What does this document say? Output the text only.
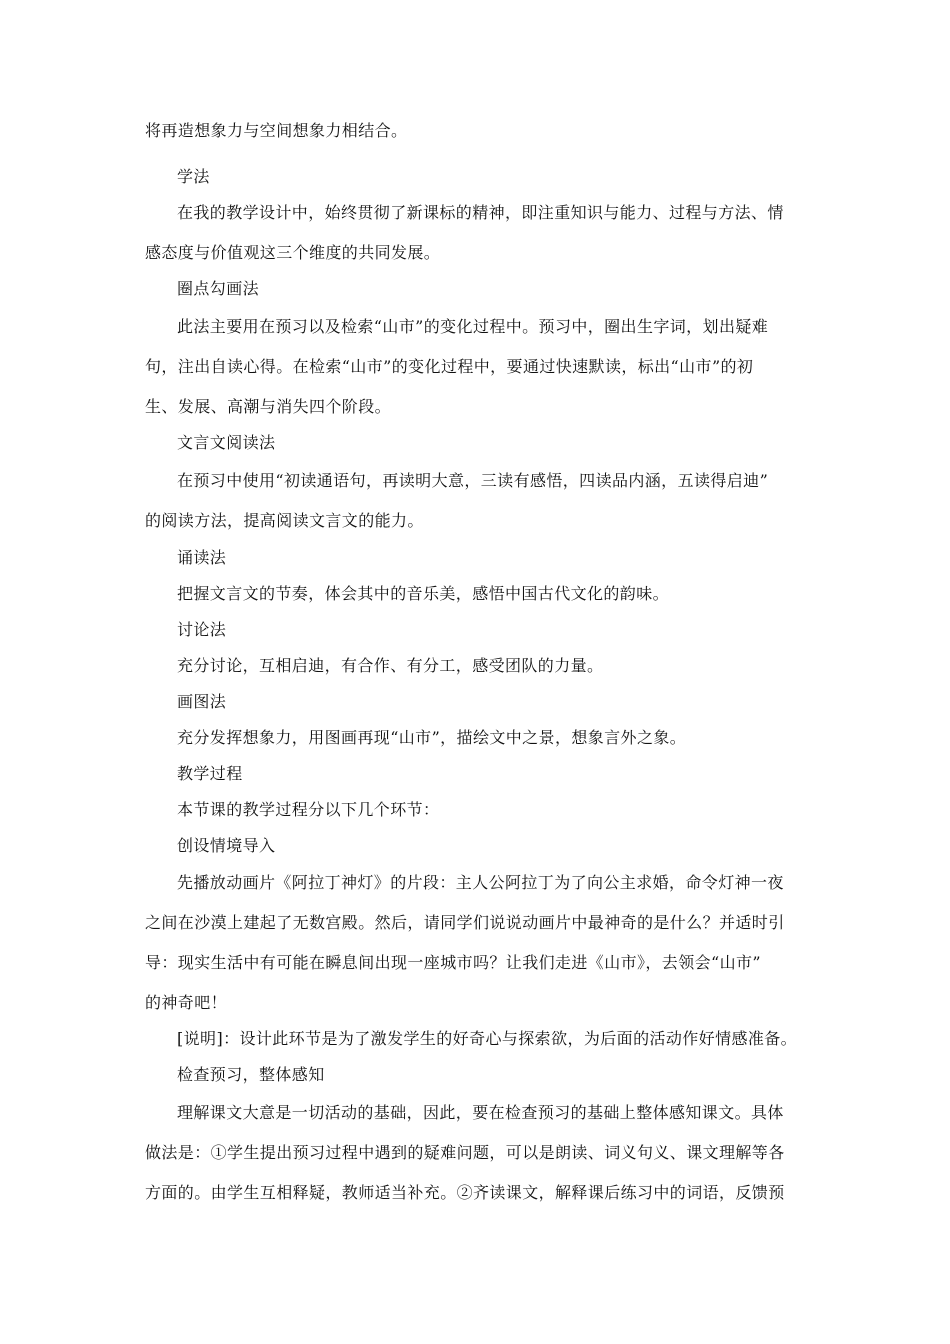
将再造想象力与空间想象力相结合。
学法
在我的教学设计中，始终贯彻了新课标的精神，即注重知识与能力、过程与方法、情
感态度与价值观这三个维度的共同发展。
圈点勾画法
此法主要用在预习以及检索“山市”的变化过程中。预习中，圈出生字词，划出疑难
句，注出自读心得。在检索“山市”的变化过程中，要通过快速默读，标出“山市”的初
生、发展、高潮与消失四个阶段。
文言文阅读法
在预习中使用“初读通语句，再读明大意，三读有感悟，四读品内涵，五读得启迪”
的阅读方法，提高阅读文言文的能力。
诵读法
把握文言文的节奏，体会其中的音乐美，感悟中国古代文化的韵味。
讨论法
充分讨论，互相启迪，有合作、有分工，感受团队的力量。
画图法
充分发挥想象力，用图画再现“山市”，描绘文中之景，想象言外之象。
教学过程
本节课的教学过程分以下几个环节：
创设情境导入
先播放动画片《阿拉丁神灯》的片段：主人公阿拉丁为了向公主求婚，命令灯神一夜
之间在沙漠上建起了无数宫殿。然后，请同学们说说动画片中最神奇的是什么？并适时引
导：现实生活中有可能在瞬息间出现一座城市吗？让我们走进《山市》，去领会“山市”
的神奇吧！
[说明]：设计此环节是为了激发学生的好奇心与探索欲，为后面的活动作好情感准备。
检查预习，整体感知
理解课文大意是一切活动的基础，因此，要在检查预习的基础上整体感知课文。具体
做法是：①学生提出预习过程中遇到的疑难问题，可以是朗读、词义句义、课文理解等各
方面的。由学生互相释疑，教师适当补充。②齐读课文，解释课后练习中的词语，反馈预
